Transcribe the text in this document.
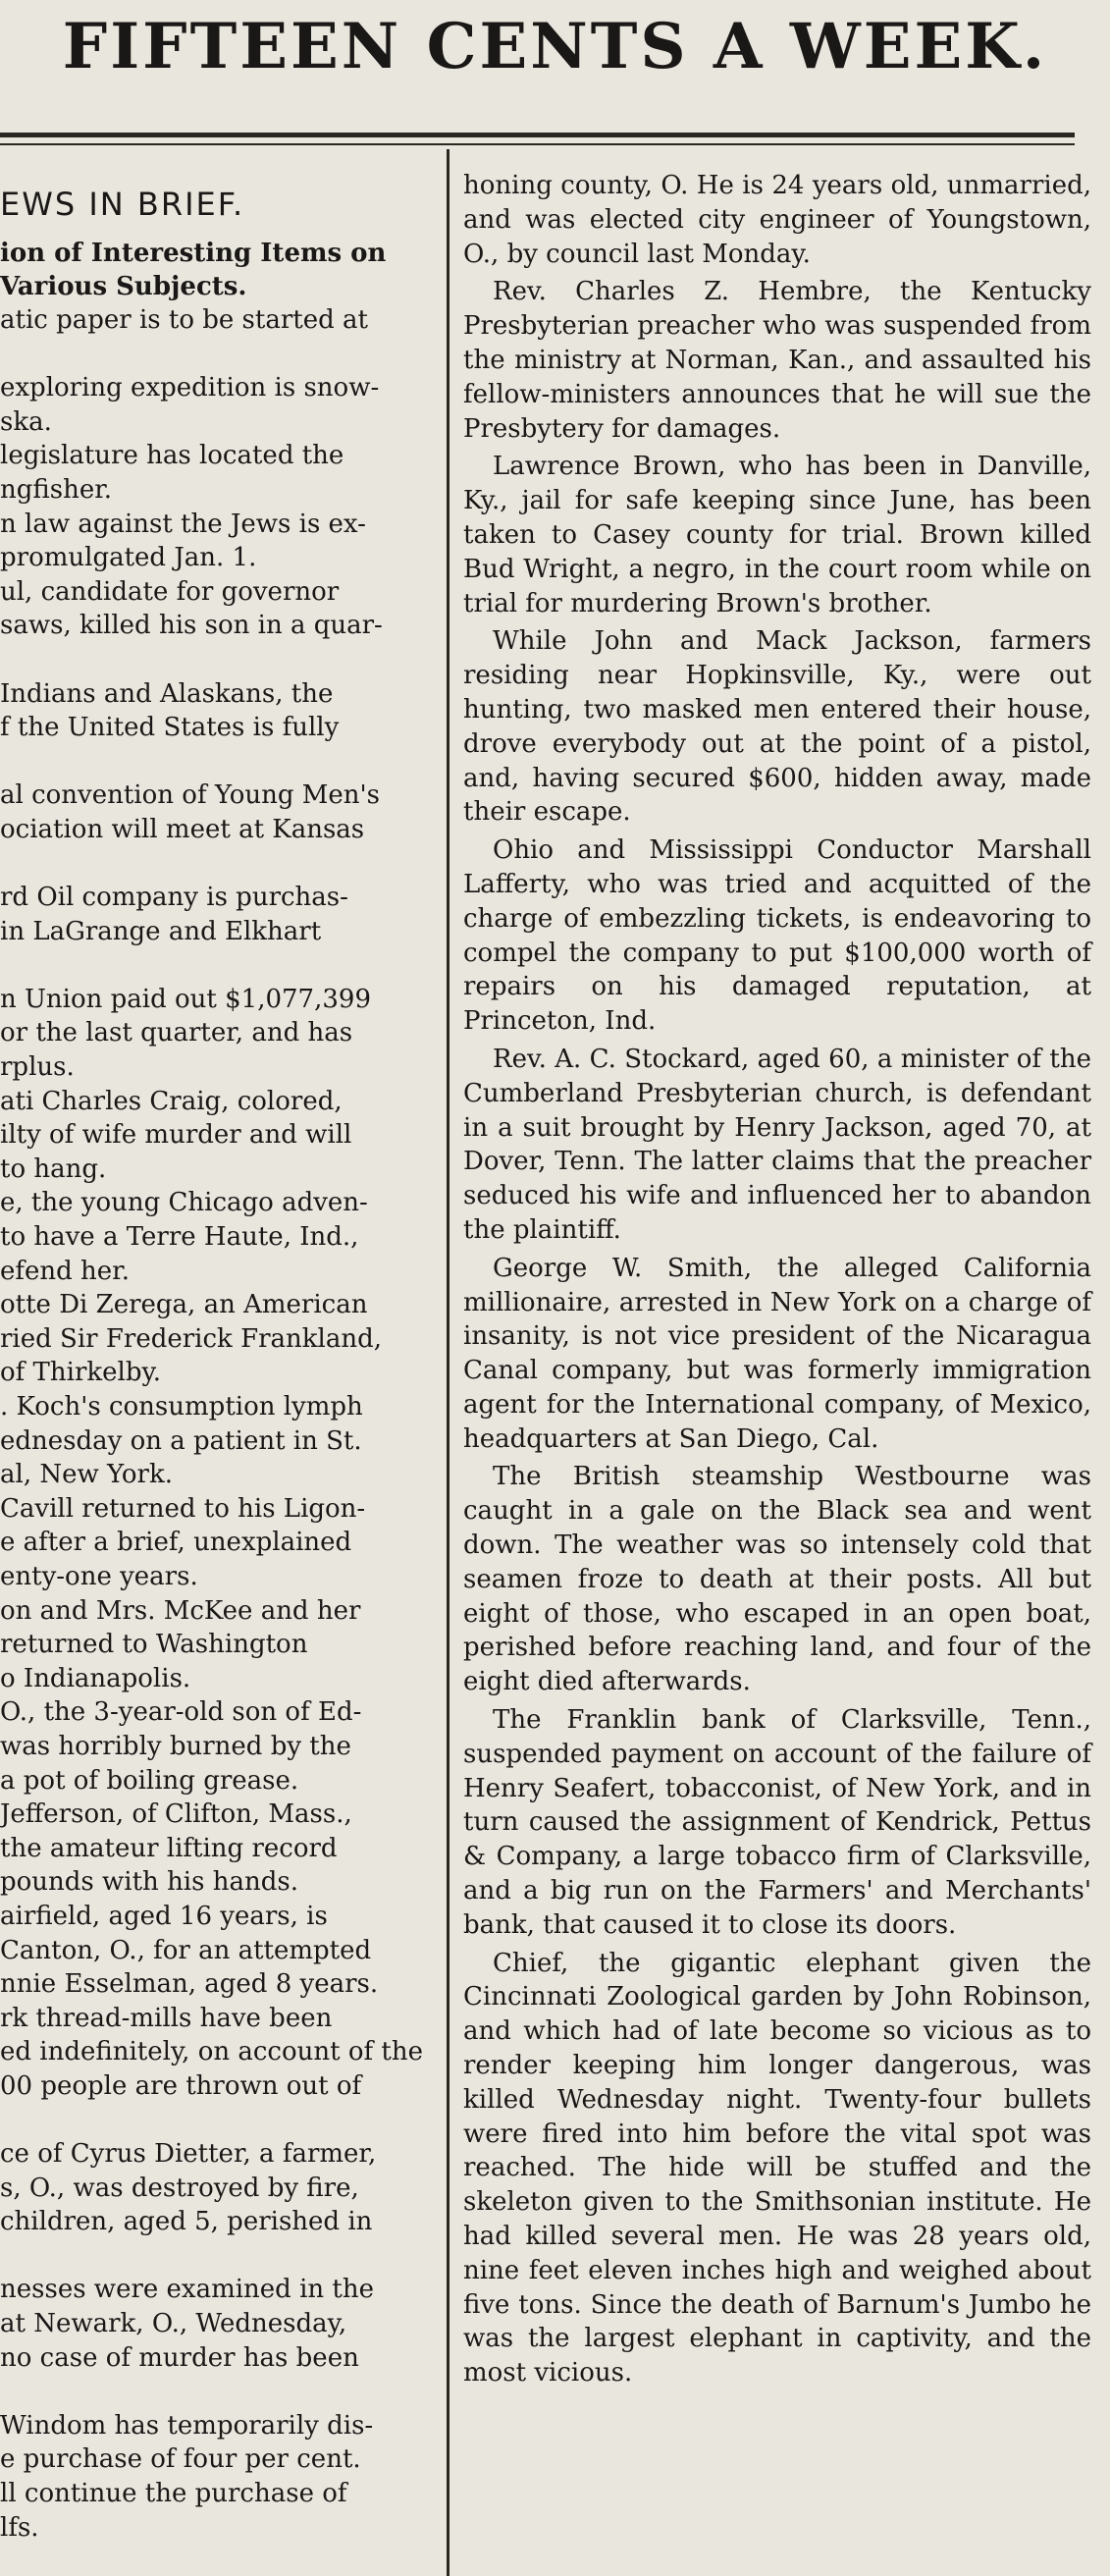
FIFTEEN CENTS A WEEK.
EWS IN BRIEF.
ion of Interesting Items on
Various Subjects.
atic paper is to be started at

exploring expedition is snow-
ska.
legislature has located the
ngfisher.
n law against the Jews is ex-
promulgated Jan. 1.
ul, candidate for governor
saws, killed his son in a quar-

Indians and Alaskans, the
f the United States is fully

al convention of Young Men's
ociation will meet at Kansas

rd Oil company is purchas-
in LaGrange and Elkhart

n Union paid out $1,077,399
or the last quarter, and has
rplus.
ati Charles Craig, colored,
ilty of wife murder and will
to hang.
e, the young Chicago adven-
to have a Terre Haute, Ind.,
efend her.
otte Di Zerega, an American
ried Sir Frederick Frankland,
of Thirkelby.
. Koch's consumption lymph
ednesday on a patient in St.
al, New York.
Cavill returned to his Ligon-
e after a brief, unexplained
enty-one years.
on and Mrs. McKee and her
returned to Washington
o Indianapolis.
O., the 3-year-old son of Ed-
was horribly burned by the
a pot of boiling grease.
Jefferson, of Clifton, Mass.,
the amateur lifting record
pounds with his hands.
airfield, aged 16 years, is
Canton, O., for an attempted
nnie Esselman, aged 8 years.
rk thread-mills have been
ed indefinitely, on account of the
00 people are thrown out of

ce of Cyrus Dietter, a farmer,
s, O., was destroyed by fire,
children, aged 5, perished in

nesses were examined in the
at Newark, O., Wednesday,
no case of murder has been

Windom has temporarily dis-
e purchase of four per cent.
ll continue the purchase of
lfs.

honing county, O. He is 24 years old, unmarried, and was elected city engineer of Youngstown, O., by council last Monday.

Rev. Charles Z. Hembre, the Kentucky Presbyterian preacher who was suspended from the ministry at Norman, Kan., and assaulted his fellow-ministers announces that he will sue the Presbytery for damages.

Lawrence Brown, who has been in Danville, Ky., jail for safe keeping since June, has been taken to Casey county for trial. Brown killed Bud Wright, a negro, in the court room while on trial for murdering Brown's brother.

While John and Mack Jackson, farmers residing near Hopkinsville, Ky., were out hunting, two masked men entered their house, drove everybody out at the point of a pistol, and, having secured $600, hidden away, made their escape.

Ohio and Mississippi Conductor Marshall Lafferty, who was tried and acquitted of the charge of embezzling tickets, is endeavoring to compel the company to put $100,000 worth of repairs on his damaged reputation, at Princeton, Ind.

Rev. A. C. Stockard, aged 60, a minister of the Cumberland Presbyterian church, is defendant in a suit brought by Henry Jackson, aged 70, at Dover, Tenn. The latter claims that the preacher seduced his wife and influenced her to abandon the plaintiff.

George W. Smith, the alleged California millionaire, arrested in New York on a charge of insanity, is not vice president of the Nicaragua Canal company, but was formerly immigration agent for the International company, of Mexico, headquarters at San Diego, Cal.

The British steamship Westbourne was caught in a gale on the Black sea and went down. The weather was so intensely cold that seamen froze to death at their posts. All but eight of those, who escaped in an open boat, perished before reaching land, and four of the eight died afterwards.

The Franklin bank of Clarksville, Tenn., suspended payment on account of the failure of Henry Seafert, tobacconist, of New York, and in turn caused the assignment of Kendrick, Pettus & Company, a large tobacco firm of Clarksville, and a big run on the Farmers' and Merchants' bank, that caused it to close its doors.

Chief, the gigantic elephant given the Cincinnati Zoological garden by John Robinson, and which had of late become so vicious as to render keeping him longer dangerous, was killed Wednesday night. Twenty-four bullets were fired into him before the vital spot was reached. The hide will be stuffed and the skeleton given to the Smithsonian institute. He had killed several men. He was 28 years old, nine feet eleven inches high and weighed about five tons. Since the death of Barnum's Jumbo he was the largest elephant in captivity, and the most vicious.
